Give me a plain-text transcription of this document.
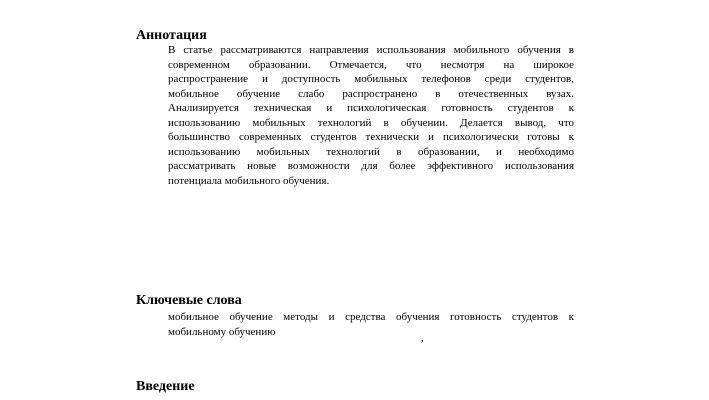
Аннотация
В статье рассматриваются направления использования мобильного обучения в
современном образовании. Отмечается, что несмотря на широкое
распространение и доступность мобильных телефонов среди студентов,
мобильное обучение слабо распространено в отечественных вузах.
Анализируется техническая и психологическая готовность студентов к
использованию мобильных технологий в обучении. Делается вывод, что
большинство современных студентов технически и психологически готовы к
использованию мобильных технологий в образовании, и необходимо
рассматривать новые возможности для более эффективного использования
потенциала мобильного обучения.
Ключевые слова
мобильное обучение методы и средства обучения готовность студентов к
мобильному обучению
,
Введение
